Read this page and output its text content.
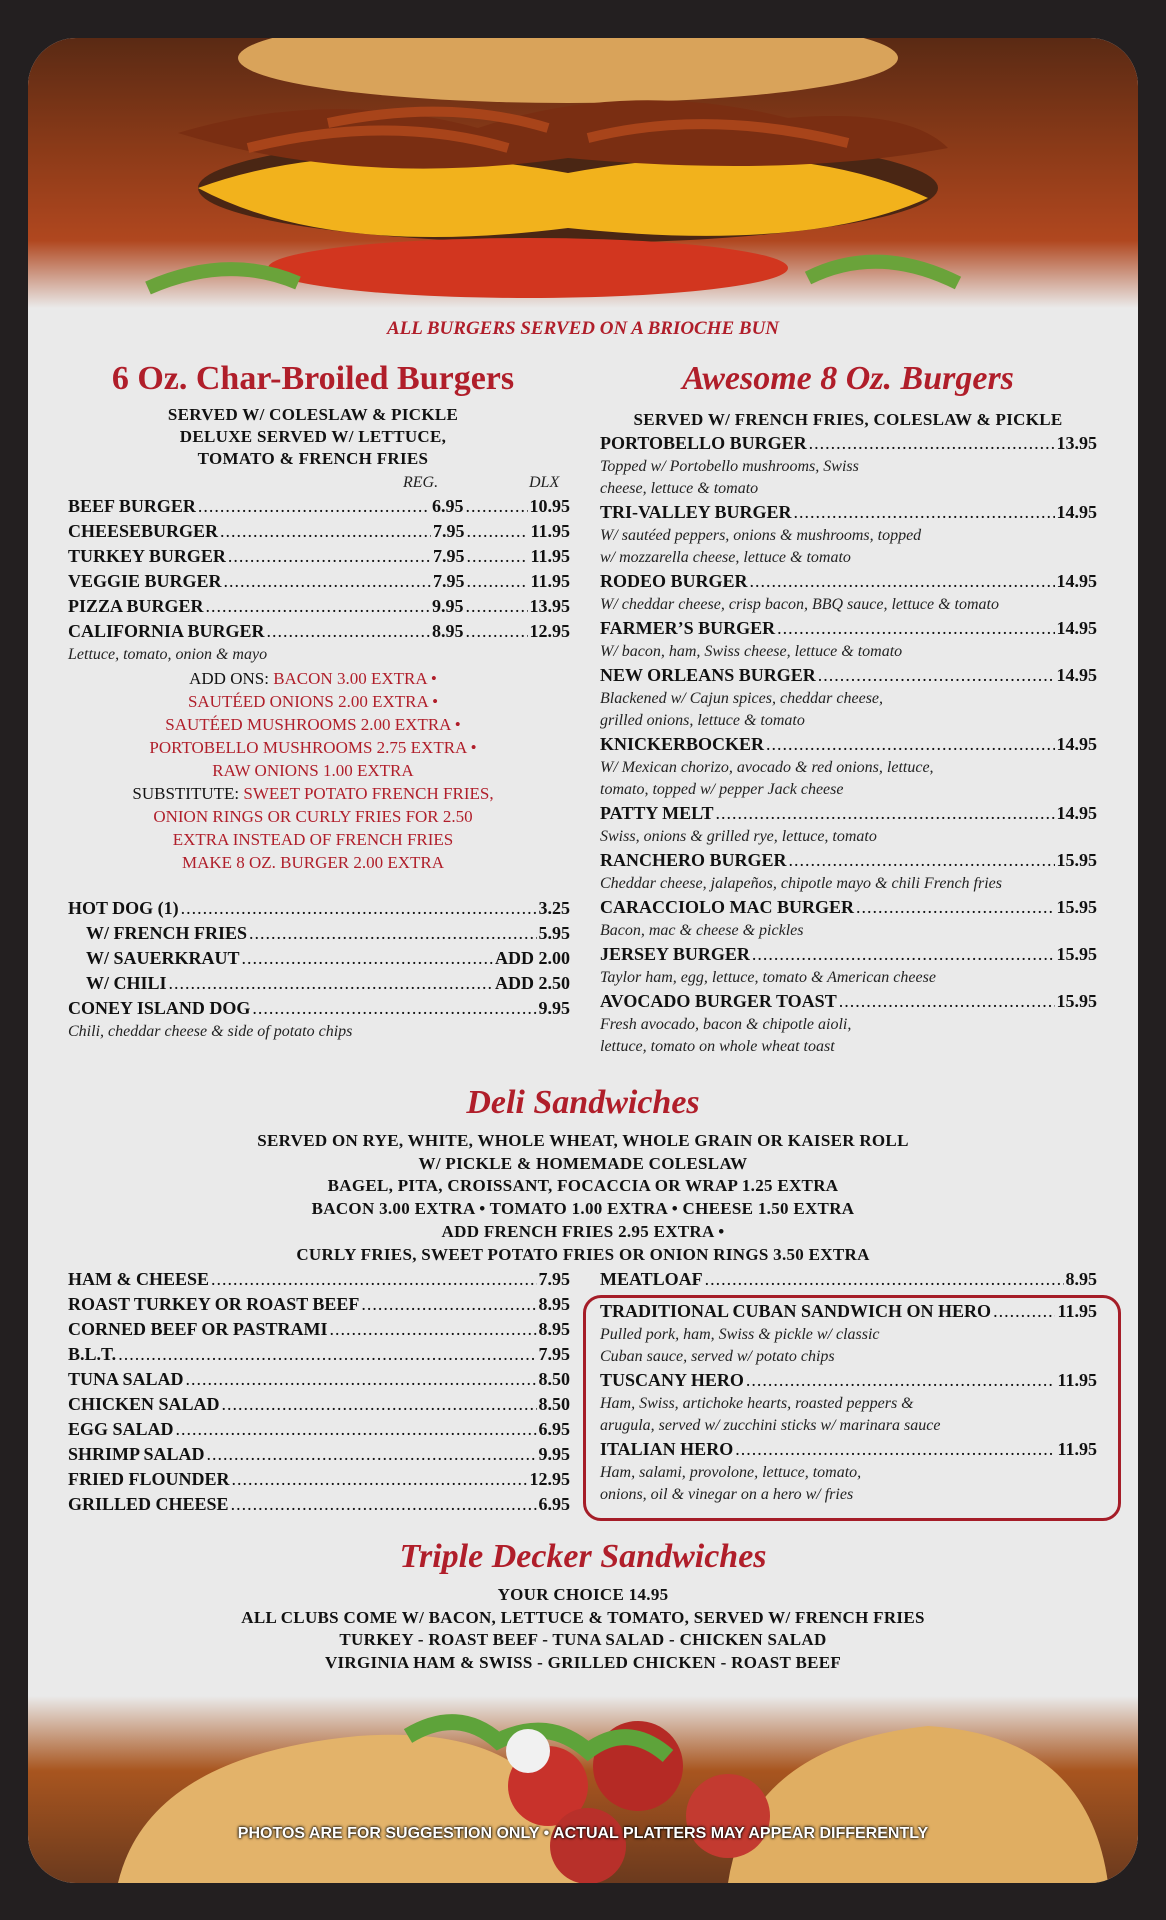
ALL BURGERS SERVED ON A BRIOCHE BUN
6 Oz. Char-Broiled Burgers
SERVED W/ COLESLAW & PICKLE
DELUXE SERVED W/ LETTUCE,
TOMATO & FRENCH FRIES
REG.	DLX
BEEF BURGER .....	6.95 .....	10.95
CHEESEBURGER .....	7.95 .....	11.95
TURKEY BURGER .....	7.95 .....	11.95
VEGGIE BURGER .....	7.95 .....	11.95
PIZZA BURGER .....	9.95 .....	13.95
CALIFORNIA BURGER .....	8.95 .....	12.95
Lettuce, tomato, onion & mayo
ADD ONS: BACON 3.00 EXTRA •
SAUTÉED ONIONS 2.00 EXTRA •
SAUTÉED MUSHROOMS 2.00 EXTRA •
PORTOBELLO MUSHROOMS 2.75 EXTRA •
RAW ONIONS 1.00 EXTRA
SUBSTITUTE: SWEET POTATO FRENCH FRIES,
ONION RINGS OR CURLY FRIES FOR 2.50
EXTRA INSTEAD OF FRENCH FRIES
MAKE 8 OZ. BURGER 2.00 EXTRA
HOT DOG (1) .....	3.25
W/ FRENCH FRIES .....	5.95
W/ SAUERKRAUT .....	ADD 2.00
W/ CHILI .....	ADD 2.50
CONEY ISLAND DOG .....	9.95
Chili, cheddar cheese & side of potato chips
Awesome 8 Oz. Burgers
SERVED W/ FRENCH FRIES, COLESLAW & PICKLE
PORTOBELLO BURGER .....	13.95
Topped w/ Portobello mushrooms, Swiss
cheese, lettuce & tomato
TRI-VALLEY BURGER .....	14.95
W/ sautéed peppers, onions & mushrooms, topped
w/ mozzarella cheese, lettuce & tomato
RODEO BURGER .....	14.95
W/ cheddar cheese, crisp bacon, BBQ sauce, lettuce & tomato
FARMER’S BURGER .....	14.95
W/ bacon, ham, Swiss cheese, lettuce & tomato
NEW ORLEANS BURGER .....	14.95
Blackened w/ Cajun spices, cheddar cheese,
grilled onions, lettuce & tomato
KNICKERBOCKER .....	14.95
W/ Mexican chorizo, avocado & red onions, lettuce,
tomato, topped w/ pepper Jack cheese
PATTY MELT .....	14.95
Swiss, onions & grilled rye, lettuce, tomato
RANCHERO BURGER .....	15.95
Cheddar cheese, jalapeños, chipotle mayo & chili French fries
CARACCIOLO MAC BURGER .....	15.95
Bacon, mac & cheese & pickles
JERSEY BURGER .....	15.95
Taylor ham, egg, lettuce, tomato & American cheese
AVOCADO BURGER TOAST .....	15.95
Fresh avocado, bacon & chipotle aioli,
lettuce, tomato on whole wheat toast
Deli Sandwiches
SERVED ON RYE, WHITE, WHOLE WHEAT, WHOLE GRAIN OR KAISER ROLL
W/ PICKLE & HOMEMADE COLESLAW
BAGEL, PITA, CROISSANT, FOCACCIA OR WRAP 1.25 EXTRA
BACON 3.00 EXTRA • TOMATO 1.00 EXTRA • CHEESE 1.50 EXTRA
ADD FRENCH FRIES 2.95 EXTRA •
CURLY FRIES, SWEET POTATO FRIES OR ONION RINGS 3.50 EXTRA
HAM & CHEESE .....	7.95
ROAST TURKEY OR ROAST BEEF .....	8.95
CORNED BEEF OR PASTRAMI .....	8.95
B.L.T. .....	7.95
TUNA SALAD .....	8.50
CHICKEN SALAD .....	8.50
EGG SALAD .....	6.95
SHRIMP SALAD .....	9.95
FRIED FLOUNDER .....	12.95
GRILLED CHEESE .....	6.95
MEATLOAF .....	8.95
TRADITIONAL CUBAN SANDWICH ON HERO .....	11.95
Pulled pork, ham, Swiss & pickle w/ classic
Cuban sauce, served w/ potato chips
TUSCANY HERO .....	11.95
Ham, Swiss, artichoke hearts, roasted peppers &
arugula, served w/ zucchini sticks w/ marinara sauce
ITALIAN HERO .....	11.95
Ham, salami, provolone, lettuce, tomato,
onions, oil & vinegar on a hero w/ fries
Triple Decker Sandwiches
YOUR CHOICE 14.95
ALL CLUBS COME W/ BACON, LETTUCE & TOMATO, SERVED W/ FRENCH FRIES
TURKEY - ROAST BEEF - TUNA SALAD - CHICKEN SALAD
VIRGINIA HAM & SWISS - GRILLED CHICKEN - ROAST BEEF
PHOTOS ARE FOR SUGGESTION ONLY • ACTUAL PLATTERS MAY APPEAR DIFFERENTLY
